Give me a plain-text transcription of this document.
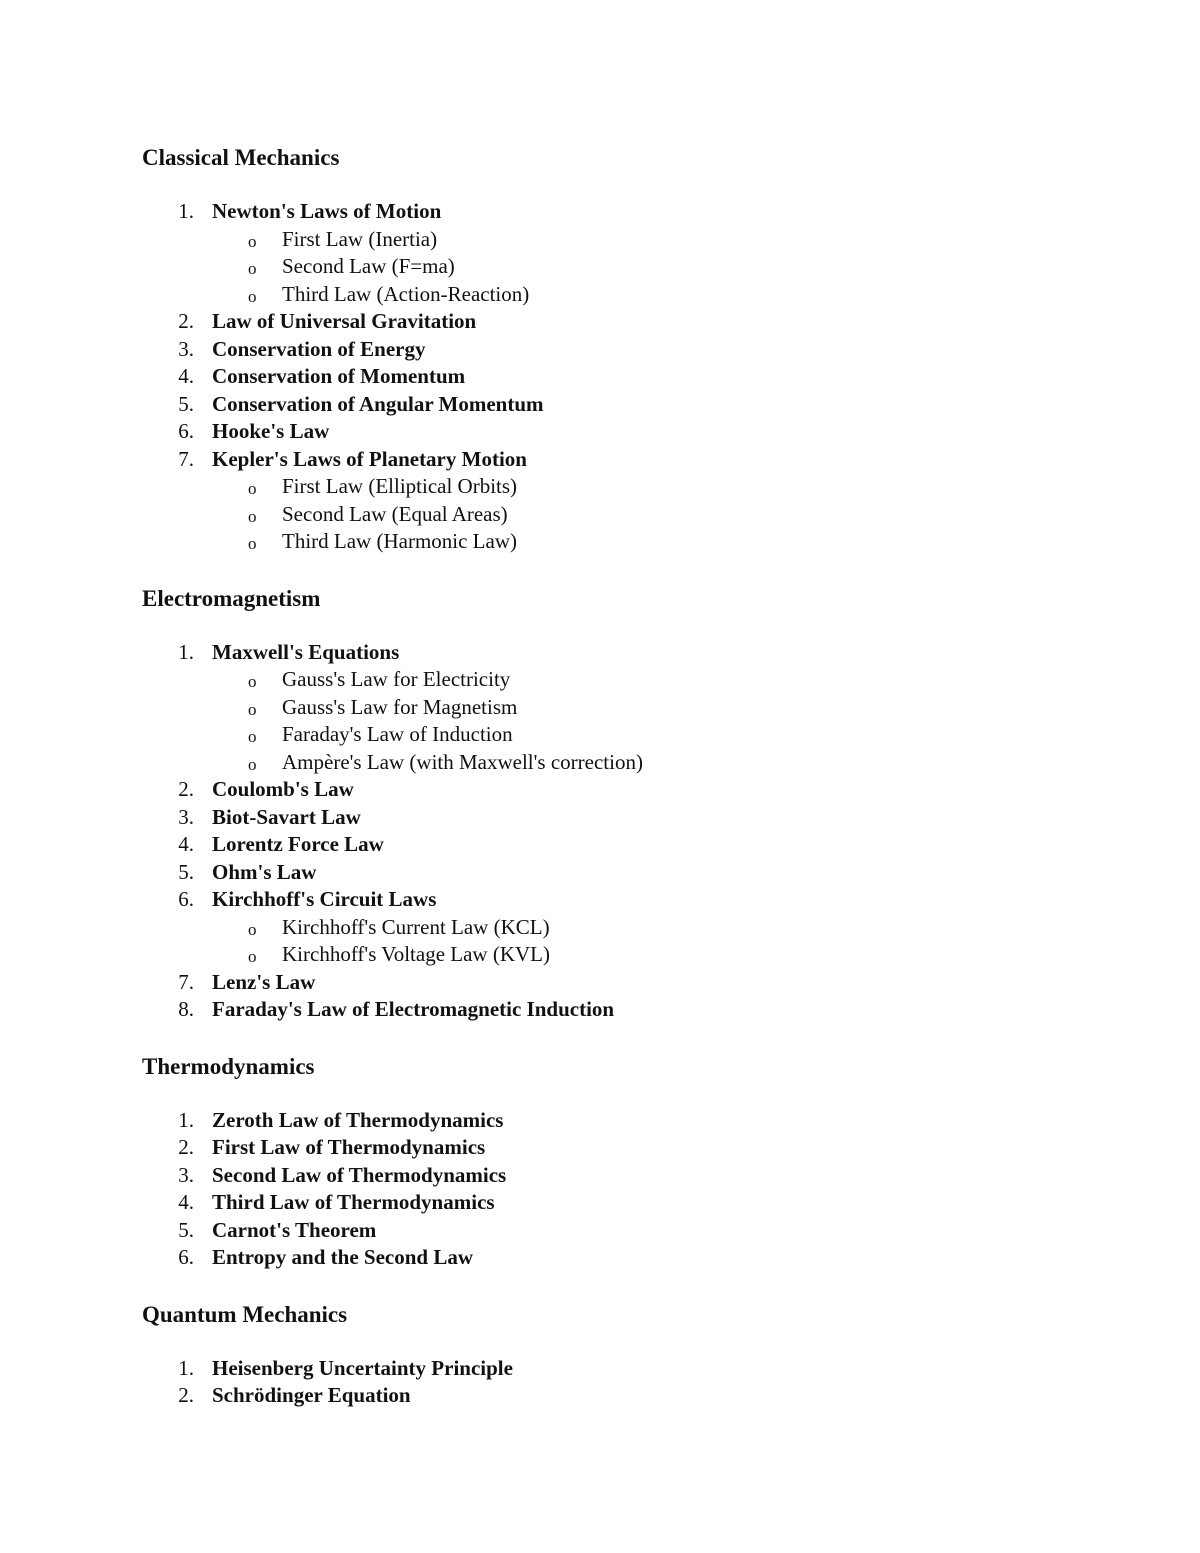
Classical Mechanics
1. Newton's Laws of Motion
o First Law (Inertia)
o Second Law (F=ma)
o Third Law (Action-Reaction)
2. Law of Universal Gravitation
3. Conservation of Energy
4. Conservation of Momentum
5. Conservation of Angular Momentum
6. Hooke's Law
7. Kepler's Laws of Planetary Motion
o First Law (Elliptical Orbits)
o Second Law (Equal Areas)
o Third Law (Harmonic Law)
Electromagnetism
1. Maxwell's Equations
o Gauss's Law for Electricity
o Gauss's Law for Magnetism
o Faraday's Law of Induction
o Ampère's Law (with Maxwell's correction)
2. Coulomb's Law
3. Biot-Savart Law
4. Lorentz Force Law
5. Ohm's Law
6. Kirchhoff's Circuit Laws
o Kirchhoff's Current Law (KCL)
o Kirchhoff's Voltage Law (KVL)
7. Lenz's Law
8. Faraday's Law of Electromagnetic Induction
Thermodynamics
1. Zeroth Law of Thermodynamics
2. First Law of Thermodynamics
3. Second Law of Thermodynamics
4. Third Law of Thermodynamics
5. Carnot's Theorem
6. Entropy and the Second Law
Quantum Mechanics
1. Heisenberg Uncertainty Principle
2. Schrödinger Equation
